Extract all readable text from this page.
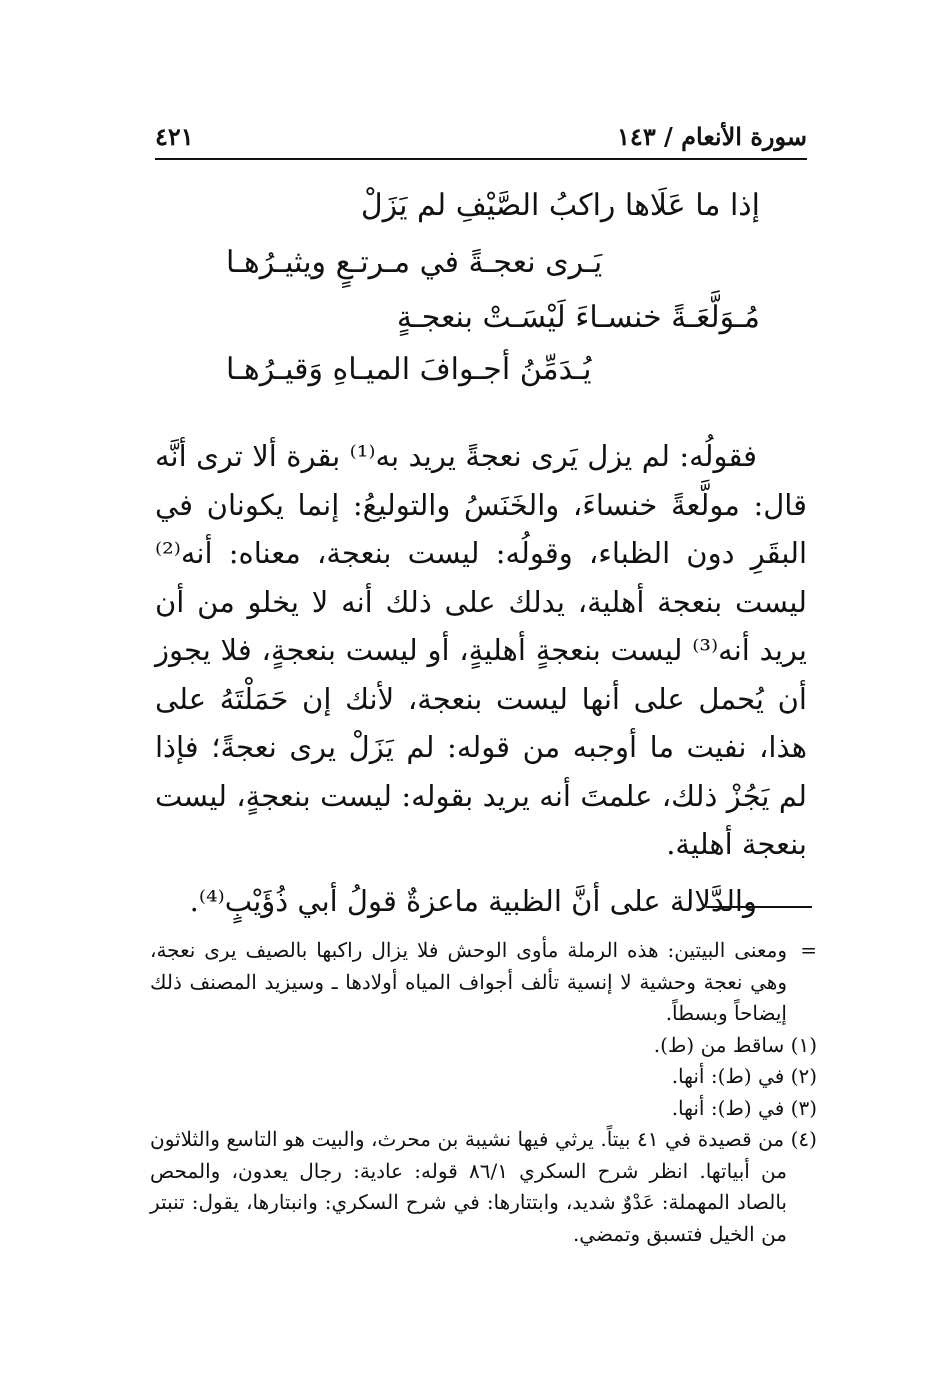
سورة الأنعام / ١٤٣
٤٢١
إذا ما عَلَاها راكبُ الصَّيْفِ لم يَزَلْ
يَـرى نعجـةً في مـرتـعٍ ويثيـرُهـا
مُـوَلَّعَـةً خنسـاءَ لَيْسَـتْ بنعجـةٍ
يُـدَمِّنُ أجـوافَ الميـاهِ وَقيـرُهـا

فقولُه: لم يزل يَرى نعجةً يريد به⁽¹⁾ بقرة ألا ترى أنَّه قال: مولَّعةً خنساءَ، والخَنَسُ والتوليعُ: إنما يكونان في البقَرِ دون الظباء، وقولُه: ليست بنعجة، معناه: أنه⁽²⁾ ليست بنعجة أهلية، يدلك على ذلك أنه لا يخلو من أن يريد أنه⁽³⁾ ليست بنعجةٍ أهليةٍ، أو ليست بنعجةٍ، فلا يجوز أن يُحمل على أنها ليست بنعجة، لأنك إن حَمَلْتَهُ على هذا، نفيت ما أوجبه من قوله: لم يَزَلْ يرى نعجةً؛ فإذا لم يَجُزْ ذلك، علمتَ أنه يريد بقوله: ليست بنعجةٍ، ليست بنعجة أهلية.

والدَّلالة على أنَّ الظبية ماعزةٌ قولُ أبي ذُؤَيْبٍ⁽⁴⁾.

=
ومعنى البيتين: هذه الرملة مأوى الوحش فلا يزال راكبها بالصيف يرى نعجة، وهي نعجة وحشية لا إنسية تألف أجواف المياه أولادها ـ وسيزيد المصنف ذلك إيضاحاً وبسطاً.
(١) ساقط من (ط).
(٢) في (ط): أنها.
(٣) في (ط): أنها.
(٤) من قصيدة في ٤١ بيتاً. يرثي فيها نشيبة بن محرث، والبيت هو التاسع والثلاثون من أبياتها. انظر شرح السكري ٨٦/١ قوله: عادية: رجال يعدون، والمحص بالصاد المهملة: عَدْوٌ شديد، وابتتارها: في شرح السكري: وانبتارها، يقول: تنبتر من الخيل فتسبق وتمضي.
